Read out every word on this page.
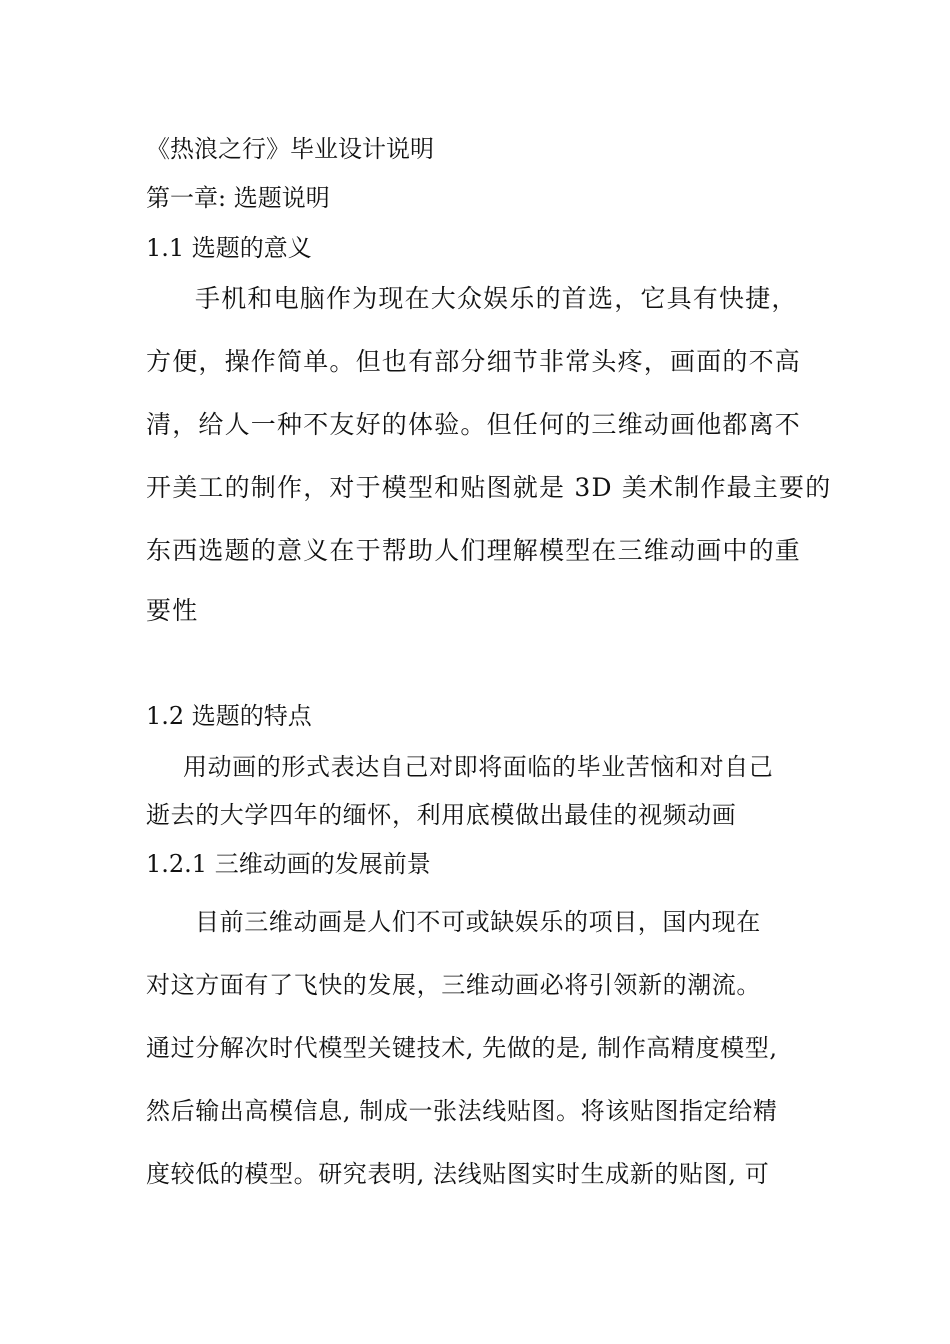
《热浪之行》毕业设计说明
第一章: 选题说明
1.1 选题的意义
手机和电脑作为现在大众娱乐的首选，它具有快捷，
方便，操作简单。但也有部分细节非常头疼，画面的不高
清，给人一种不友好的体验。但任何的三维动画他都离不
开美工的制作，对于模型和贴图就是 3D 美术制作最主要的
东西选题的意义在于帮助人们理解模型在三维动画中的重
要性
1.2 选题的特点
用动画的形式表达自己对即将面临的毕业苦恼和对自己
逝去的大学四年的缅怀，利用底模做出最佳的视频动画
1.2.1 三维动画的发展前景
目前三维动画是人们不可或缺娱乐的项目，国内现在
对这方面有了飞快的发展，三维动画必将引领新的潮流。
通过分解次时代模型关键技术, 先做的是, 制作高精度模型,
然后输出高模信息, 制成一张法线贴图。将该贴图指定给精
度较低的模型。研究表明, 法线贴图实时生成新的贴图, 可
